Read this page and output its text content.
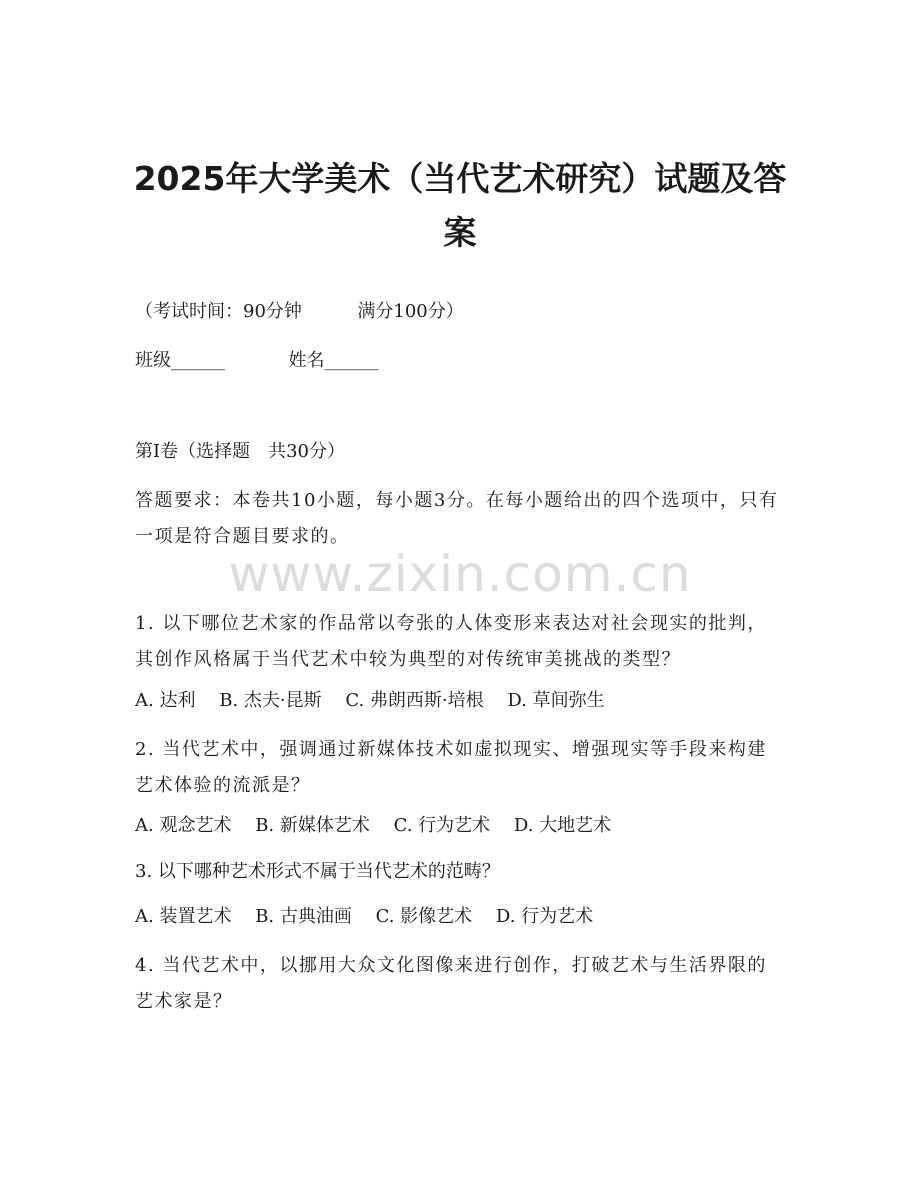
2025年大学美术（当代艺术研究）试题及答案
（考试时间：90分钟	满分100分）
班级______	姓名______
第I卷（选择题　共30分）
答题要求：本卷共10小题，每小题3分。在每小题给出的四个选项中，只有一项是符合题目要求的。
www.zixin.com.cn
1. 以下哪位艺术家的作品常以夸张的人体变形来表达对社会现实的批判，其创作风格属于当代艺术中较为典型的对传统审美挑战的类型？
A. 达利 B. 杰夫·昆斯 C. 弗朗西斯·培根 D. 草间弥生
2. 当代艺术中，强调通过新媒体技术如虚拟现实、增强现实等手段来构建艺术体验的流派是？
A. 观念艺术 B. 新媒体艺术 C. 行为艺术 D. 大地艺术
3. 以下哪种艺术形式不属于当代艺术的范畴？
A. 装置艺术 B. 古典油画 C. 影像艺术 D. 行为艺术
4. 当代艺术中，以挪用大众文化图像来进行创作，打破艺术与生活界限的艺术家是？
